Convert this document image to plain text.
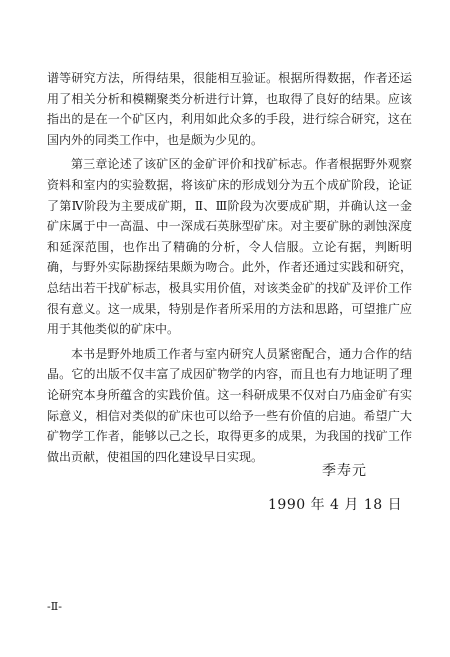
谱等研究方法，所得结果，很能相互验证。根据所得数据，作者还运用了相关分析和模糊聚类分析进行计算，也取得了良好的结果。应该指出的是在一个矿区内，利用如此众多的手段，进行综合研究，这在国内外的同类工作中，也是颇为少见的。

第三章论述了该矿区的金矿评价和找矿标志。作者根据野外观察资料和室内的实验数据，将该矿床的形成划分为五个成矿阶段，论证了第Ⅳ阶段为主要成矿期，Ⅱ、Ⅲ阶段为次要成矿期，并确认这一金矿床属于中一高温、中一深成石英脉型矿床。对主要矿脉的剥蚀深度和延深范围，也作出了精确的分析，令人信服。立论有据，判断明确，与野外实际勘探结果颇为吻合。此外，作者还通过实践和研究，总结出若干找矿标志，极具实用价值，对该类金矿的找矿及评价工作很有意义。这一成果，特别是作者所采用的方法和思路，可望推广应用于其他类似的矿床中。

本书是野外地质工作者与室内研究人员紧密配合，通力合作的结晶。它的出版不仅丰富了成因矿物学的内容，而且也有力地证明了理论研究本身所蕴含的实践价值。这一科研成果不仅对白乃庙金矿有实际意义，相信对类似的矿床也可以给予一些有价值的启迪。希望广大矿物学工作者，能够以己之长，取得更多的成果，为我国的找矿工作做出贡献，使祖国的四化建设早日实现。

季寿元
1990 年 4 月 18 日
-Ⅱ-
